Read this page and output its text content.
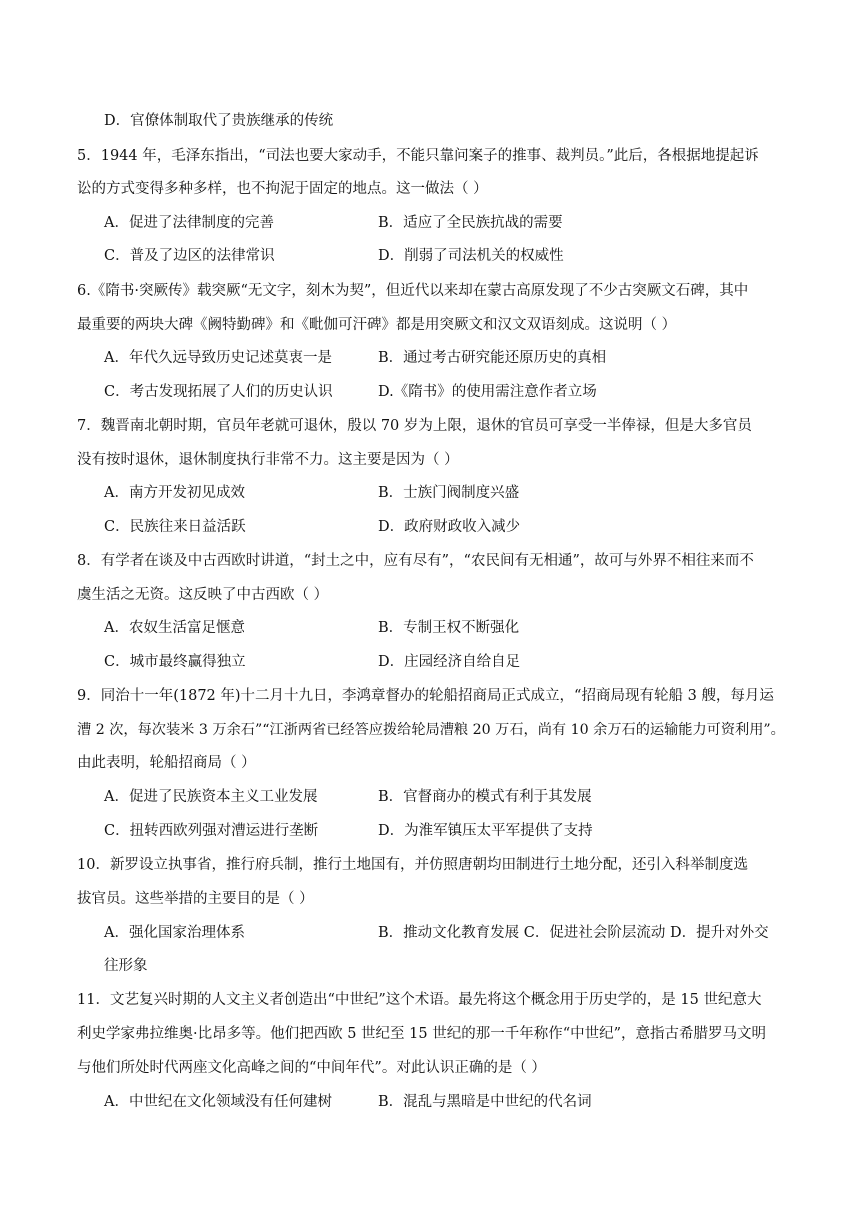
D．官僚体制取代了贵族继承的传统
5．1944 年，毛泽东指出，“司法也要大家动手，不能只靠问案子的推事、裁判员。”此后，各根据地提起诉
讼的方式变得多种多样，也不拘泥于固定的地点。这一做法（ ）
A．促进了法律制度的完善	B．适应了全民族抗战的需要
C．普及了边区的法律常识	D．削弱了司法机关的权威性
6.《隋书·突厥传》载突厥“无文字，刻木为契”，但近代以来却在蒙古高原发现了不少古突厥文石碑，其中
最重要的两块大碑《阙特勤碑》和《毗伽可汗碑》都是用突厥文和汉文双语刻成。这说明（ ）
A．年代久远导致历史记述莫衷一是	B．通过考古研究能还原历史的真相
C．考古发现拓展了人们的历史认识	D.《隋书》的使用需注意作者立场
7．魏晋南北朝时期，官员年老就可退休，殷以 70 岁为上限，退休的官员可享受一半俸禄，但是大多官员
没有按时退休，退休制度执行非常不力。这主要是因为（ ）
A．南方开发初见成效	B．士族门阀制度兴盛
C．民族往来日益活跃	D．政府财政收入减少
8．有学者在谈及中古西欧时讲道，“封土之中，应有尽有”，“农民间有无相通”，故可与外界不相往来而不
虞生活之无资。这反映了中古西欧（ ）
A．农奴生活富足惬意	B．专制王权不断强化
C．城市最终赢得独立	D．庄园经济自给自足
9．同治十一年(1872 年)十二月十九日，李鸿章督办的轮船招商局正式成立，“招商局现有轮船 3 艘，每月运
漕 2 次，每次装米 3 万余石”“江浙两省已经答应拨给轮局漕粮 20 万石，尚有 10 余万石的运输能力可资利用”。
由此表明，轮船招商局（ ）
A．促进了民族资本主义工业发展	B．官督商办的模式有利于其发展
C．扭转西欧列强对漕运进行垄断	D．为淮军镇压太平军提供了支持
10．新罗设立执事省，推行府兵制，推行土地国有，并仿照唐朝均田制进行土地分配，还引入科举制度选
拔官员。这些举措的主要目的是（ ）
A．强化国家治理体系	B．推动文化教育发展 C．促进社会阶层流动 D．提升对外交
往形象
11．文艺复兴时期的人文主义者创造出“中世纪”这个术语。最先将这个概念用于历史学的，是 15 世纪意大
利史学家弗拉维奥·比昂多等。他们把西欧 5 世纪至 15 世纪的那一千年称作“中世纪”，意指古希腊罗马文明
与他们所处时代两座文化高峰之间的“中间年代”。对此认识正确的是（ ）
A．中世纪在文化领域没有任何建树	B．混乱与黑暗是中世纪的代名词
